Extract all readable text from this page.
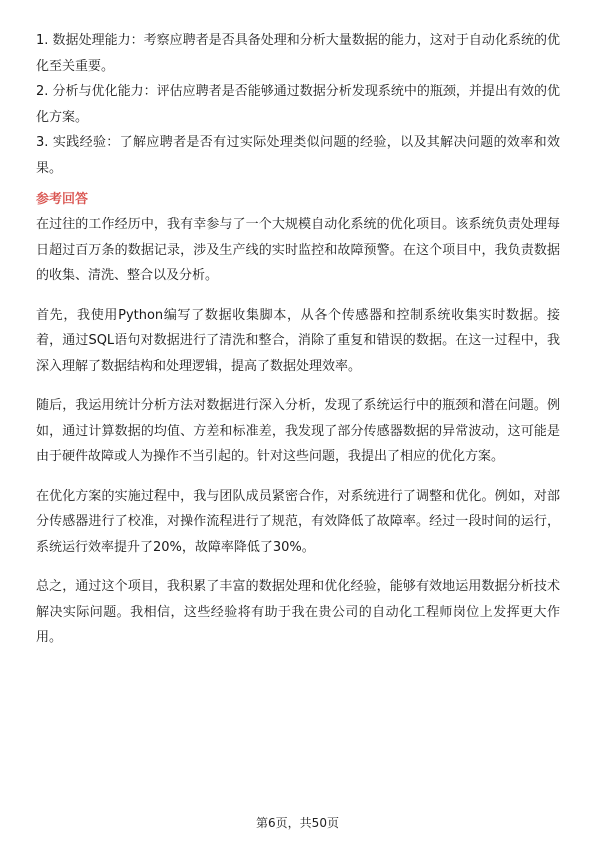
1. 数据处理能力：考察应聘者是否具备处理和分析大量数据的能力，这对于自动化系统的优化至关重要。

2. 分析与优化能力：评估应聘者是否能够通过数据分析发现系统中的瓶颈，并提出有效的优化方案。

3. 实践经验：了解应聘者是否有过实际处理类似问题的经验，以及其解决问题的效率和效果。

参考回答

在过往的工作经历中，我有幸参与了一个大规模自动化系统的优化项目。该系统负责处理每日超过百万条的数据记录，涉及生产线的实时监控和故障预警。在这个项目中，我负责数据的收集、清洗、整合以及分析。

首先，我使用Python编写了数据收集脚本，从各个传感器和控制系统收集实时数据。接着，通过SQL语句对数据进行了清洗和整合，消除了重复和错误的数据。在这一过程中，我深入理解了数据结构和处理逻辑，提高了数据处理效率。

随后，我运用统计分析方法对数据进行深入分析，发现了系统运行中的瓶颈和潜在问题。例如，通过计算数据的均值、方差和标准差，我发现了部分传感器数据的异常波动，这可能是由于硬件故障或人为操作不当引起的。针对这些问题，我提出了相应的优化方案。

在优化方案的实施过程中，我与团队成员紧密合作，对系统进行了调整和优化。例如，对部分传感器进行了校准，对操作流程进行了规范，有效降低了故障率。经过一段时间的运行，系统运行效率提升了20%，故障率降低了30%。

总之，通过这个项目，我积累了丰富的数据处理和优化经验，能够有效地运用数据分析技术解决实际问题。我相信，这些经验将有助于我在贵公司的自动化工程师岗位上发挥更大作用。

第6页，共50页
